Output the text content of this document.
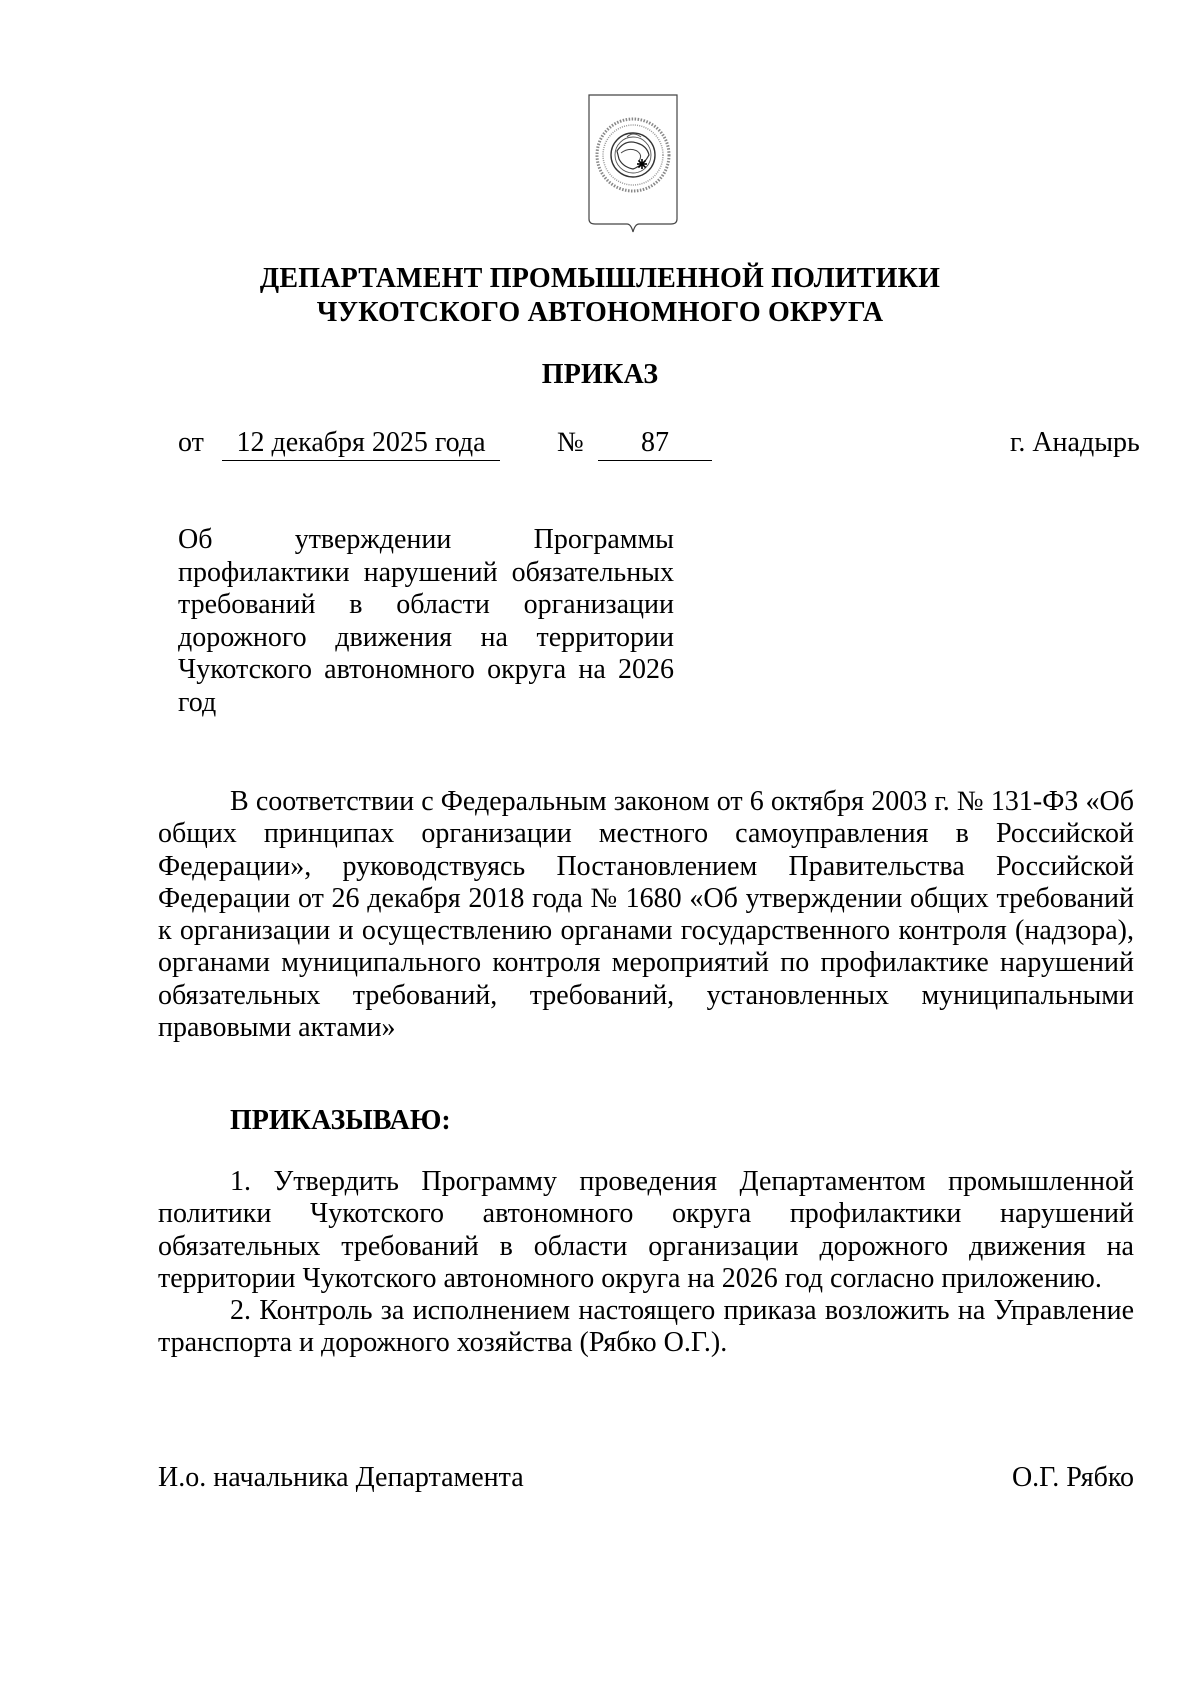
ДЕПАРТАМЕНТ ПРОМЫШЛЕННОЙ ПОЛИТИКИ
ЧУКОТСКОГО АВТОНОМНОГО ОКРУГА
ПРИКАЗ
от	12 декабря 2025 года	№	87	г. Анадырь
Об утверждении Программы
профилактики нарушений обязательных
требований в области организации
дорожного движения на территории
Чукотского автономного округа на 2026
год
В соответствии с Федеральным законом от 6 октября 2003 г. № 131-ФЗ «Об
общих принципах организации местного самоуправления в Российской
Федерации», руководствуясь Постановлением Правительства Российской
Федерации от 26 декабря 2018 года № 1680 «Об утверждении общих требований
к организации и осуществлению органами государственного контроля (надзора),
органами муниципального контроля мероприятий по профилактике нарушений
обязательных требований, требований, установленных муниципальными
правовыми актами»
ПРИКАЗЫВАЮ:
1. Утвердить Программу проведения Департаментом промышленной
политики Чукотского автономного округа профилактики нарушений
обязательных требований в области организации дорожного движения на
территории Чукотского автономного округа на 2026 год согласно приложению.
2. Контроль за исполнением настоящего приказа возложить на Управление
транспорта и дорожного хозяйства (Рябко О.Г.).
И.о. начальника Департамента	О.Г. Рябко
